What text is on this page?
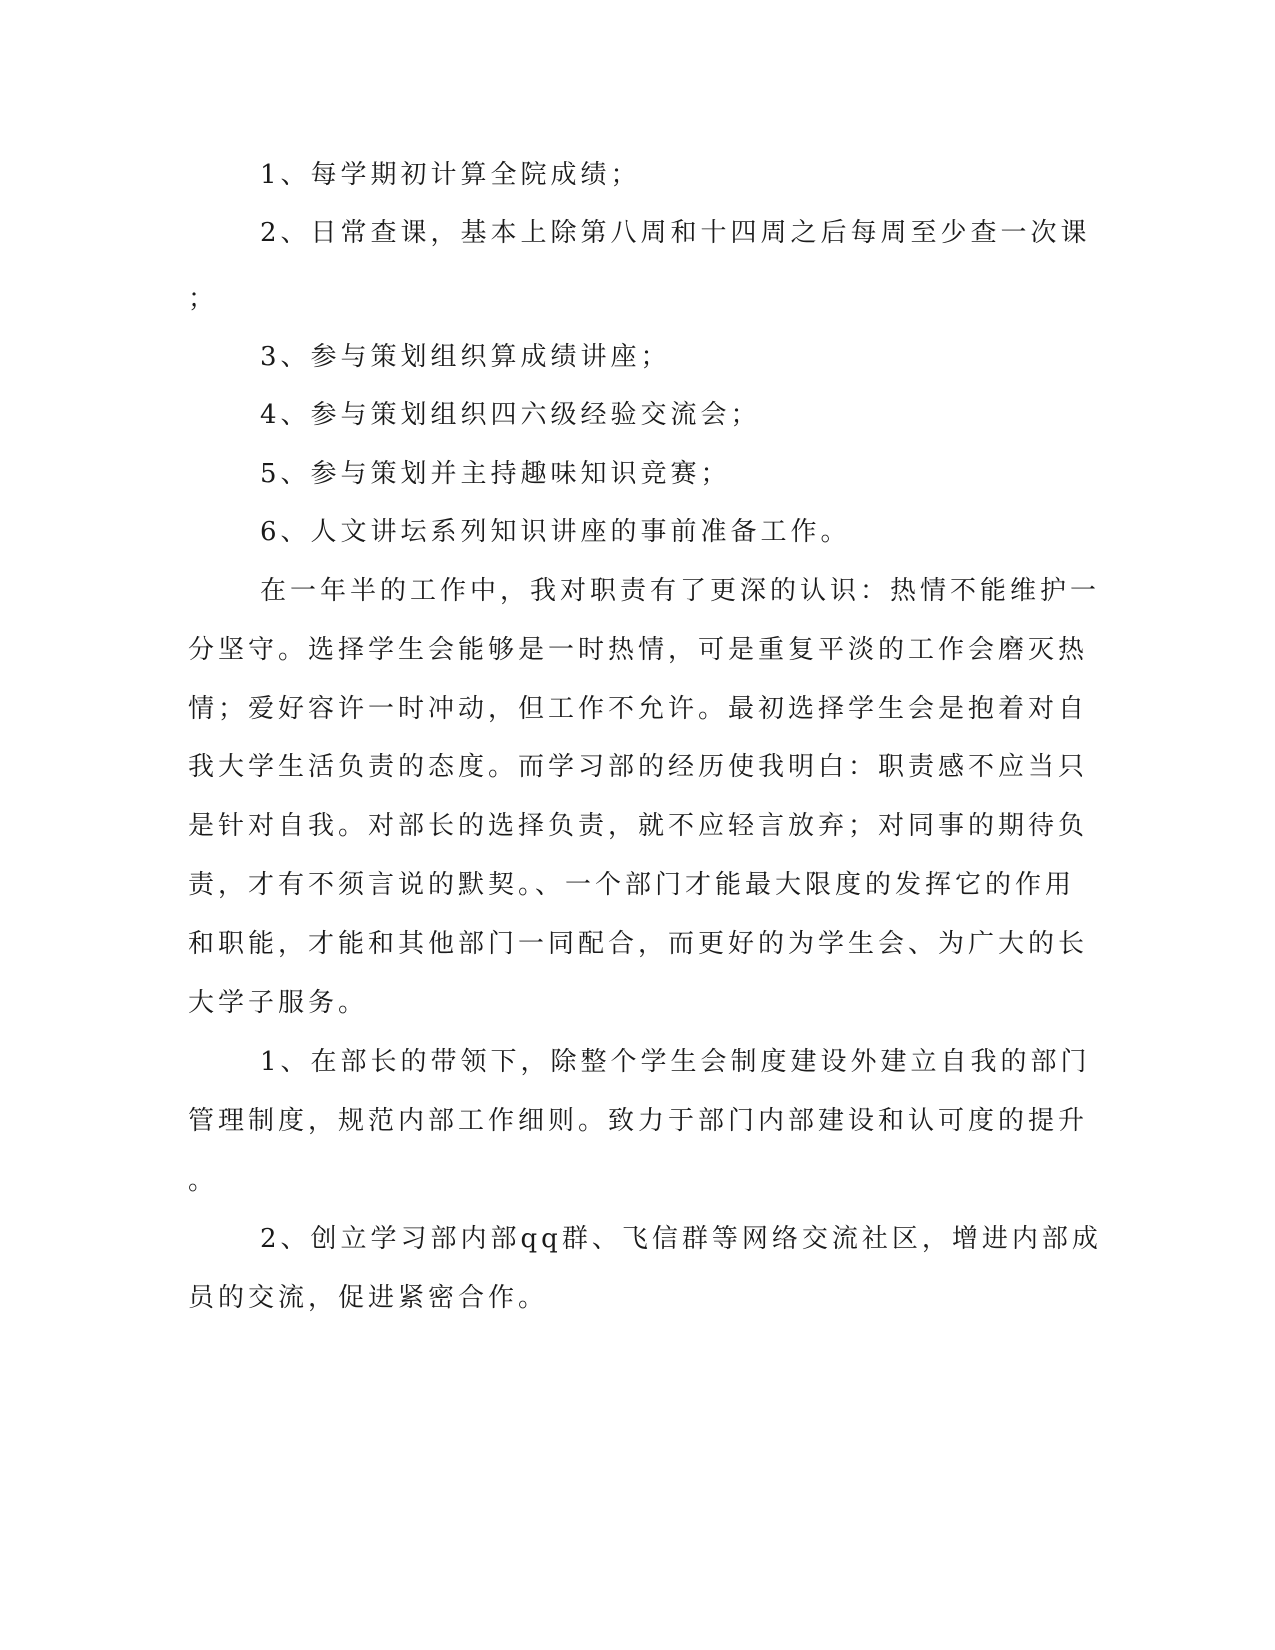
1、每学期初计算全院成绩；
2、日常查课，基本上除第八周和十四周之后每周至少查一次课
；
3、参与策划组织算成绩讲座；
4、参与策划组织四六级经验交流会；
5、参与策划并主持趣味知识竞赛；
6、人文讲坛系列知识讲座的事前准备工作。
在一年半的工作中，我对职责有了更深的认识：热情不能维护一
分坚守。选择学生会能够是一时热情，可是重复平淡的工作会磨灭热
情；爱好容许一时冲动，但工作不允许。最初选择学生会是抱着对自
我大学生活负责的态度。而学习部的经历使我明白：职责感不应当只
是针对自我。对部长的选择负责，就不应轻言放弃；对同事的期待负
责，才有不须言说的默契。、一个部门才能最大限度的发挥它的作用
和职能，才能和其他部门一同配合，而更好的为学生会、为广大的长
大学子服务。
1、在部长的带领下，除整个学生会制度建设外建立自我的部门
管理制度，规范内部工作细则。致力于部门内部建设和认可度的提升
。
2、创立学习部内部qq群、飞信群等网络交流社区，增进内部成
员的交流，促进紧密合作。
